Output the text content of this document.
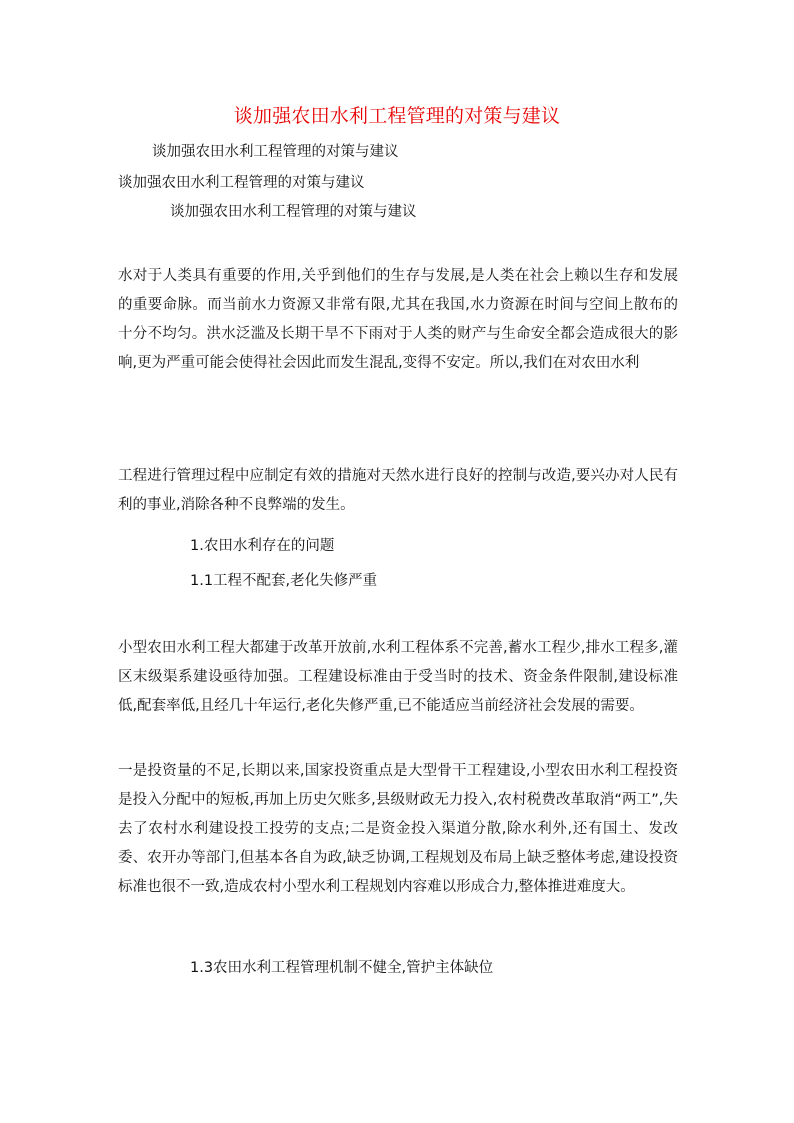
谈加强农田水利工程管理的对策与建议
谈加强农田水利工程管理的对策与建议
谈加强农田水利工程管理的对策与建议
谈加强农田水利工程管理的对策与建议
水对于人类具有重要的作用,关乎到他们的生存与发展,是人类在社会上赖以生存和发展的重要命脉。而当前水力资源又非常有限,尤其在我国,水力资源在时间与空间上散布的十分不均匀。洪水泛滥及长期干旱不下雨对于人类的财产与生命安全都会造成很大的影响,更为严重可能会使得社会因此而发生混乱,变得不安定。所以,我们在对农田水利
工程进行管理过程中应制定有效的措施对天然水进行良好的控制与改造,要兴办对人民有利的事业,消除各种不良弊端的发生。
1.农田水利存在的问题
1.1工程不配套,老化失修严重
小型农田水利工程大都建于改革开放前,水利工程体系不完善,蓄水工程少,排水工程多,灌区末级渠系建设亟待加强。工程建设标准由于受当时的技术、资金条件限制,建设标准低,配套率低,且经几十年运行,老化失修严重,已不能适应当前经济社会发展的需要。
一是投资量的不足,长期以来,国家投资重点是大型骨干工程建设,小型农田水利工程投资是投入分配中的短板,再加上历史欠账多,县级财政无力投入,农村税费改革取消“两工”,失去了农村水利建设投工投劳的支点;二是资金投入渠道分散,除水利外,还有国土、发改委、农开办等部门,但基本各自为政,缺乏协调,工程规划及布局上缺乏整体考虑,建设投资标准也很不一致,造成农村小型水利工程规划内容难以形成合力,整体推进难度大。
1.3农田水利工程管理机制不健全,管护主体缺位
